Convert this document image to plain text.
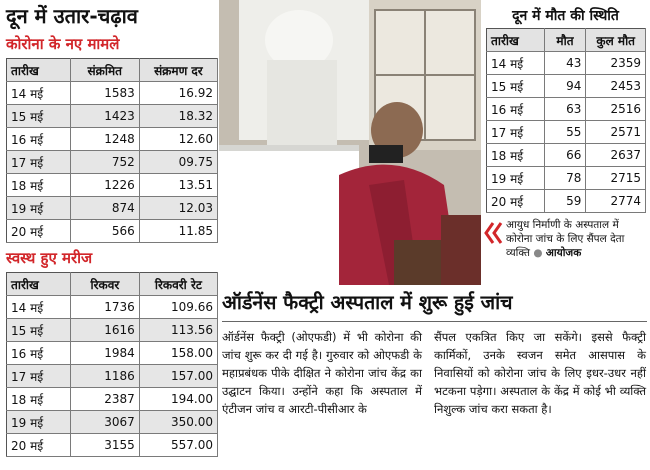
दून में उतार-चढ़ाव
कोरोना के नए मामले
तारीख	संक्रमित	संक्रमण दर
14 मई	1583	16.92
15 मई	1423	18.32
16 मई	1248	12.60
17 मई	752	09.75
18 मई	1226	13.51
19 मई	874	12.03
20 मई	566	11.85
स्वस्थ हुए मरीज
तारीख	रिकवर	रिकवरी रेट
14 मई	1736	109.66
15 मई	1616	113.56
16 मई	1984	158.00
17 मई	1186	157.00
18 मई	2387	194.00
19 मई	3067	350.00
20 मई	3155	557.00
दून में मौत की स्थिति
तारीख	मौत	कुल मौत
14 मई	43	2359
15 मई	94	2453
16 मई	63	2516
17 मई	55	2571
18 मई	66	2637
19 मई	78	2715
20 मई	59	2774
आयुध निर्माणी के अस्पताल में कोरोना जांच के लिए सैंपल देता व्यक्ति ● आयोजक
ऑर्डनेंस फैक्ट्री अस्पताल में शुरू हुई जांच
ऑर्डनेंस फैक्ट्री (ओएफडी) में भी कोरोना की जांच शुरू कर दी गई है। गुरुवार को ओएफडी के महाप्रबंधक पीके दीक्षित ने कोरोना जांच केंद्र का उद्घाटन किया। उन्होंने कहा कि अस्पताल में एंटीजन जांच व आरटी-पीसीआर के
सैंपल एकत्रित किए जा सकेंगे। इससे फैक्ट्री कार्मिकों, उनके स्वजन समेत आसपास के निवासियों को कोरोना जांच के लिए इधर-उधर नहीं भटकना पड़ेगा। अस्पताल के केंद्र में कोई भी व्यक्ति निशुल्क जांच करा सकता है।
